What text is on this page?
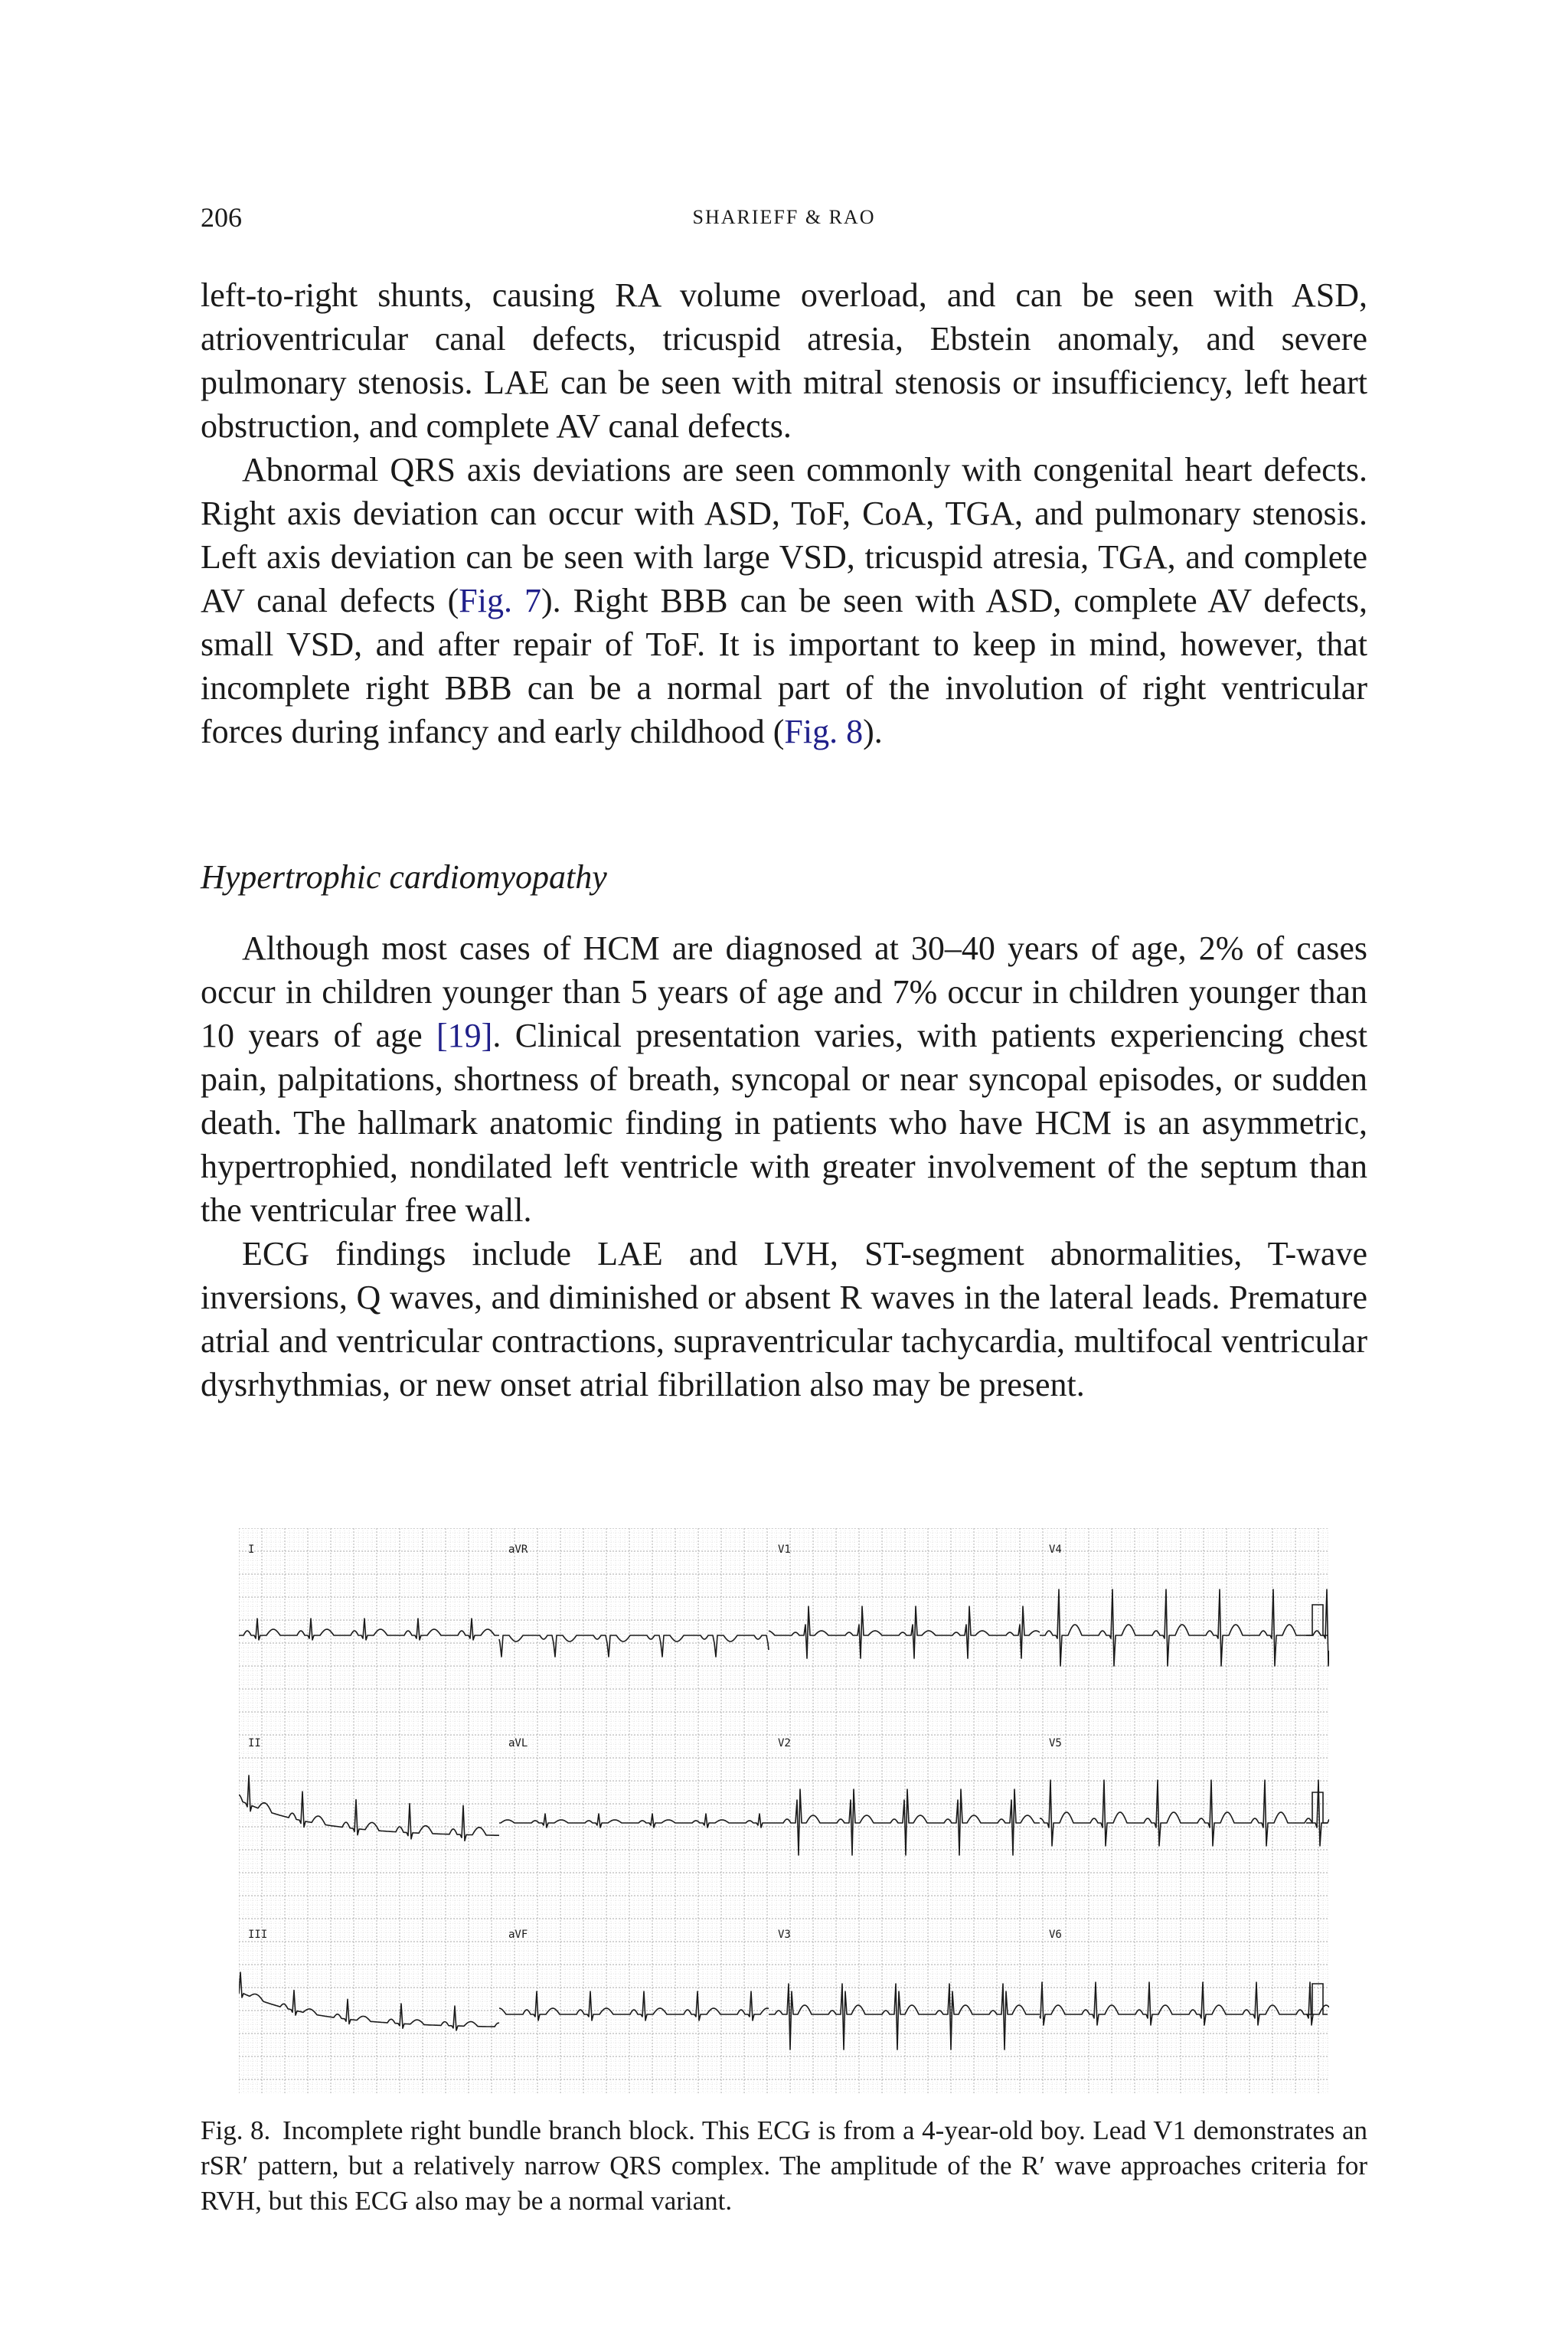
206	SHARIEFF & RAO

left-to-right shunts, causing RA volume overload, and can be seen with ASD, atrioventricular canal defects, tricuspid atresia, Ebstein anomaly, and severe pulmonary stenosis. LAE can be seen with mitral stenosis or insufficiency, left heart obstruction, and complete AV canal defects.

Abnormal QRS axis deviations are seen commonly with congenital heart defects. Right axis deviation can occur with ASD, ToF, CoA, TGA, and pulmonary stenosis. Left axis deviation can be seen with large VSD, tricuspid atresia, TGA, and complete AV canal defects (Fig. 7). Right BBB can be seen with ASD, complete AV defects, small VSD, and after repair of ToF. It is important to keep in mind, however, that incomplete right BBB can be a normal part of the involution of right ventricular forces during infancy and early childhood (Fig. 8).

Hypertrophic cardiomyopathy

Although most cases of HCM are diagnosed at 30–40 years of age, 2% of cases occur in children younger than 5 years of age and 7% occur in children younger than 10 years of age [19]. Clinical presentation varies, with patients experiencing chest pain, palpitations, shortness of breath, syncopal or near syncopal episodes, or sudden death. The hallmark anatomic finding in patients who have HCM is an asymmetric, hypertrophied, nondilated left ventricle with greater involvement of the septum than the ventricular free wall.

ECG findings include LAE and LVH, ST-segment abnormalities, T-wave inversions, Q waves, and diminished or absent R waves in the lateral leads. Premature atrial and ventricular contractions, supraventricular tachycardia, multifocal ventricular dysrhythmias, or new onset atrial fibrillation also may be present.

I	aVR	V1	V4
II	aVL	V2	V5
III	aVF	V3	V6
Fig. 8. Incomplete right bundle branch block. This ECG is from a 4-year-old boy. Lead V1 demonstrates an rSR′ pattern, but a relatively narrow QRS complex. The amplitude of the R′ wave approaches criteria for RVH, but this ECG also may be a normal variant.
